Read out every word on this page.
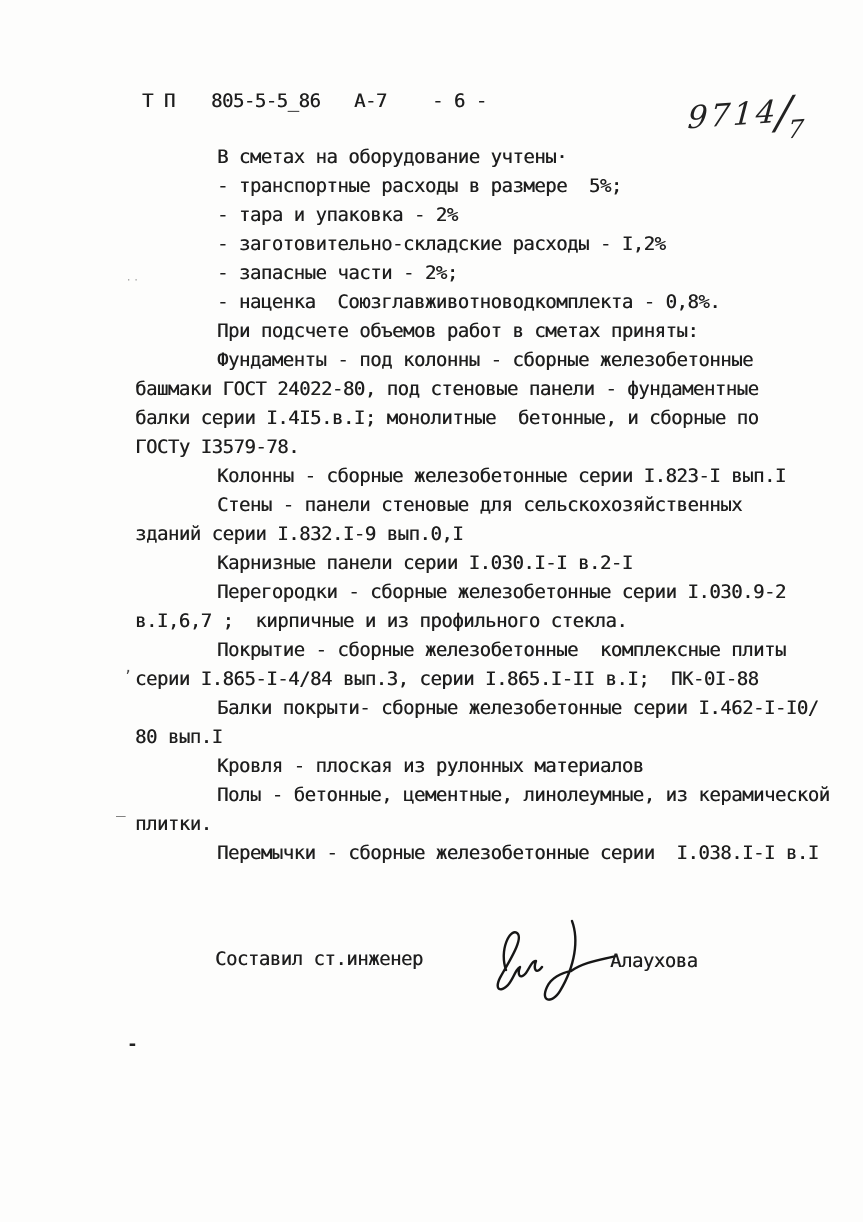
Т П

805-5-5_86

А-7

- 6 -

	9714/7
В сметах на оборудование учтены·
- транспортные расходы в размере  5%;
- тара и упаковка - 2%
- заготовительно-складские расходы - I,2%
- запасные части - 2%;
- наценка  Союзглавживотноводкомплекта - 0,8%.
При подсчете объемов работ в сметах приняты:
Фундаменты - под колонны - сборные железобетонные
башмаки ГОСТ 24022-80, под стеновые панели - фундаментные
балки серии I.4I5.в.I; монолитные  бетонные, и сборные по
ГОСТу I3579-78.
Колонны - сборные железобетонные серии I.823-I вып.I
Стены - панели стеновые для сельскохозяйственных
зданий серии I.832.I-9 вып.0,I
Карнизные панели серии I.030.I-I в.2-I
Перегородки - сборные железобетонные серии I.030.9-2
в.I,6,7 ;  кирпичные и из профильного стекла.
Покрытие - сборные железобетонные  комплексные плиты
серии I.865-I-4/84 вып.3, серии I.865.I-II в.I;  ПК-0I-88
Балки покрыти- сборные железобетонные серии I.462-I-I0/
80 вып.I
Кровля - плоская из рулонных материалов
Полы - бетонные, цементные, линолеумные, из керамической
плитки.
Перемычки - сборные железобетонные серии  I.038.I-I в.I
Составил ст.инженер	Алаухова
··
,
_
-
